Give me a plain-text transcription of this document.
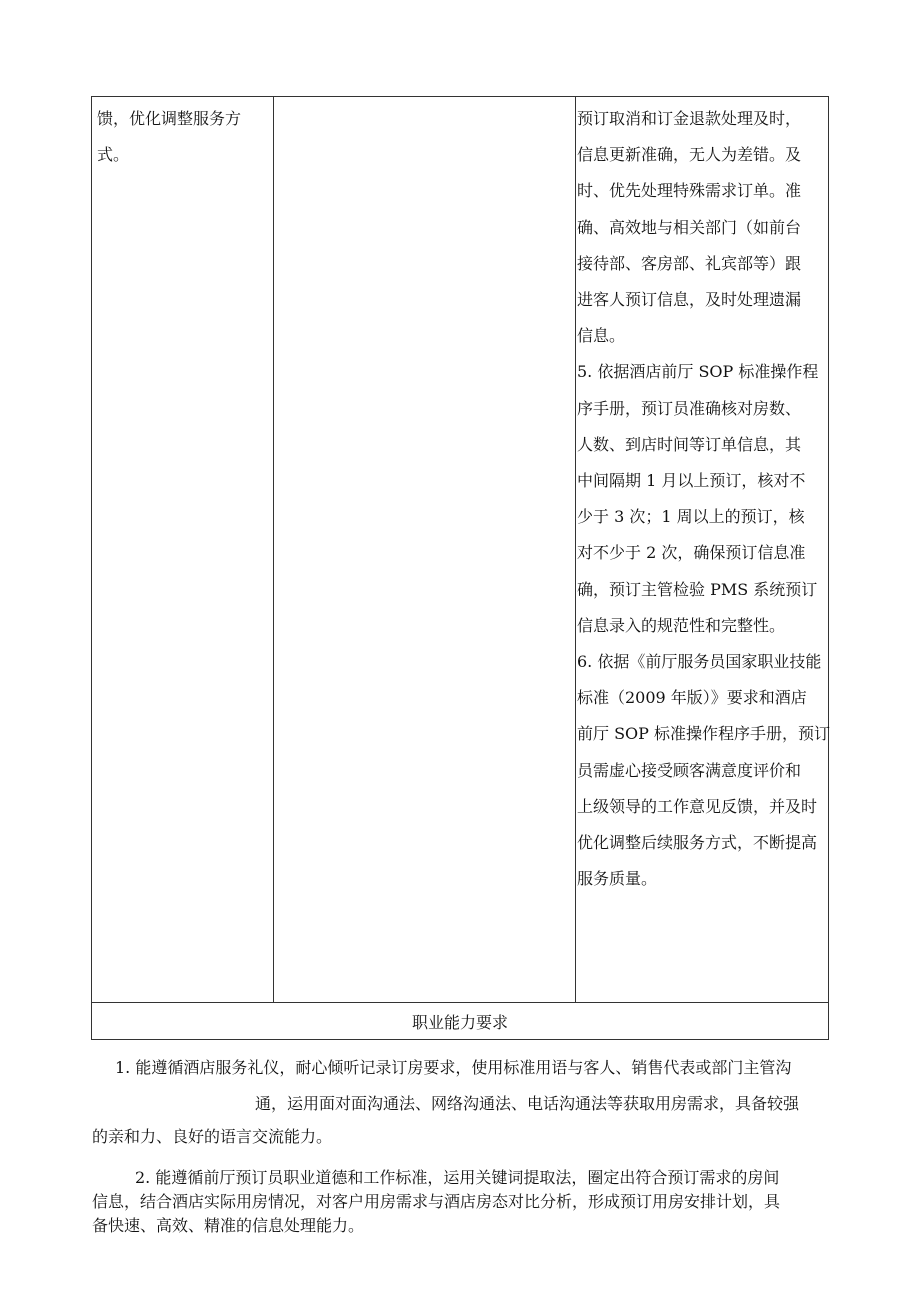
馈，优化调整服务方
式。
预订取消和订金退款处理及时，
信息更新准确，无人为差错。及
时、优先处理特殊需求订单。准
确、高效地与相关部门（如前台
接待部、客房部、礼宾部等）跟
进客人预订信息，及时处理遗漏
信息。
5. 依据酒店前厅 SOP 标准操作程
序手册，预订员准确核对房数、
人数、到店时间等订单信息，其
中间隔期 1 月以上预订，核对不
少于 3 次；1 周以上的预订，核
对不少于 2 次，确保预订信息准
确，预订主管检验 PMS 系统预订
信息录入的规范性和完整性。
6. 依据《前厅服务员国家职业技能
标准（2009 年版）》要求和酒店
前厅 SOP 标准操作程序手册，预订
员需虚心接受顾客满意度评价和
上级领导的工作意见反馈，并及时
优化调整后续服务方式，不断提高
服务质量。
职业能力要求
1. 能遵循酒店服务礼仪，耐心倾听记录订房要求，使用标准用语与客人、销售代表或部门主管沟
通，运用面对面沟通法、网络沟通法、电话沟通法等获取用房需求，具备较强
的亲和力、良好的语言交流能力。
2. 能遵循前厅预订员职业道德和工作标准，运用关键词提取法，圈定出符合预订需求的房间
信息，结合酒店实际用房情况，对客户用房需求与酒店房态对比分析，形成预订用房安排计划，具
备快速、高效、精准的信息处理能力。
